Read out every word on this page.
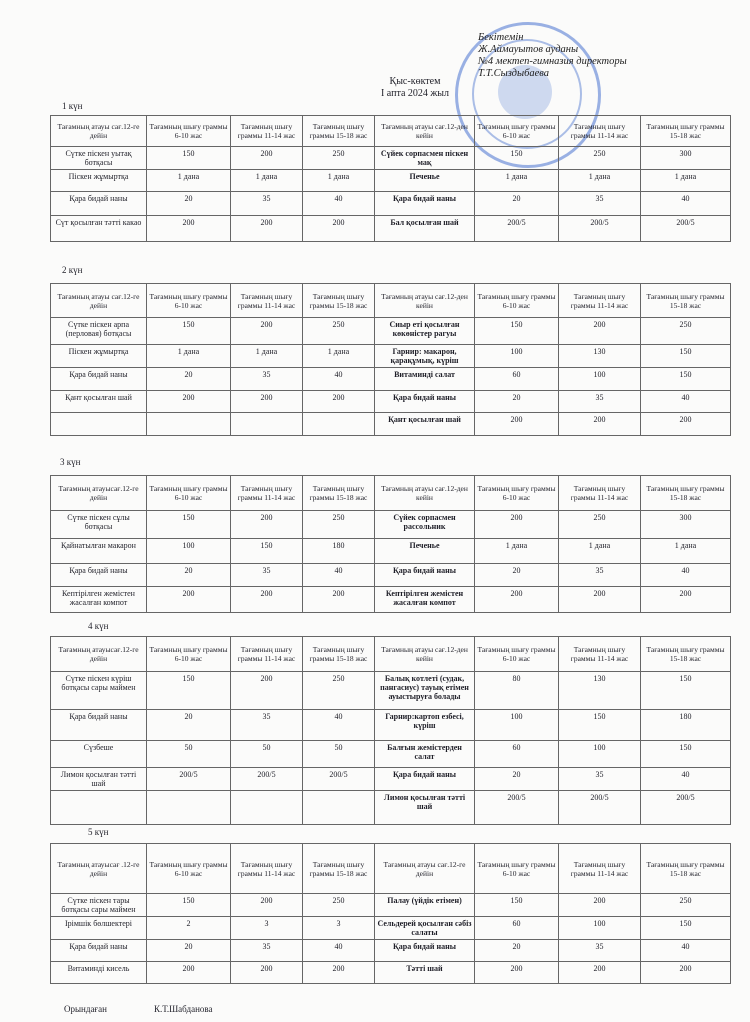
Бекітемін
Ж.Аймауытов ауданы
№4 мектеп-гимназия директоры
Т.Т.Сыздыбаева
Қыс-көктем
I апта 2024 жыл
1 күн
Тағамның атауы сағ.12-ге дейін	Тағамның шығу граммы 6-10 жас	Тағамның шығу граммы 11-14 жас	Тағамның шығу граммы 15-18 жас	Тағамның атауы сағ.12-ден кейін	Тағамның шығу граммы 6-10 жас	Тағамның шығу граммы 11-14 жас	Тағамның шығу граммы 15-18 жас
Сүтке піскен уытақ ботқасы	150	200	250	Сүйек сорпасмен піскен мақ	150	250	300
Піскен жұмыртқа	1 дана	1 дана	1 дана	Печенье	1 дана	1 дана	1 дана
Қара бидай наны	20	35	40	Қара бидай наны	20	35	40
Сүт қосылған тәтті какао	200	200	200	Бал қосылған шай	200/5	200/5	200/5
2 күн
Тағамның атауы сағ.12-ге дейін	Тағамның шығу граммы 6-10 жас	Тағамның шығу граммы 11-14 жас	Тағамның шығу граммы 15-18 жас	Тағамның атауы сағ.12-ден кейін	Тағамның шығу граммы 6-10 жас	Тағамның шығу граммы 11-14 жас	Тағамның шығу граммы 15-18 жас
Сүтке піскен арпа (перловая) ботқасы	150	200	250	Сиыр еті қосылған көкөністер рагуы	150	200	250
Піскен жұмыртқа	1 дана	1 дана	1 дана	Гарнир: макарон, қарақұмық, күріш	100	130	150
Қара бидай наны	20	35	40	Витаминді салат	60	100	150
Қант қосылған шай	200	200	200	Қара бидай наны	20	35	40
				Қант қосылған шай	200	200	200
3 күн
Тағамның атауысағ.12-ге дейін	Тағамның шығу граммы 6-10 жас	Тағамның шығу граммы 11-14 жас	Тағамның шығу граммы 15-18 жас	Тағамның атауы сағ.12-ден кейін	Тағамның шығу граммы 6-10 жас	Тағамның шығу граммы 11-14 жас	Тағамның шығу граммы 15-18 жас
Сүтке піскен сұлы ботқасы	150	200	250	Сүйек сорпасмен рассольник	200	250	300
Қайнатылған макарон	100	150	180	Печенье	1 дана	1 дана	1 дана
Қара бидай наны	20	35	40	Қара бидай наны	20	35	40
Кептірілген жемістен жасалған компот	200	200	200	Кептірілген жемістен жасалған компот	200	200	200
4 күн
Тағамның атауысағ.12-ге дейін	Тағамның шығу граммы 6-10 жас	Тағамның шығу граммы 11-14 жас	Тағамның шығу граммы 15-18 жас	Тағамның атауы сағ.12-ден кейін	Тағамның шығу граммы 6-10 жас	Тағамның шығу граммы 11-14 жас	Тағамның шығу граммы 15-18 жас
Сүтке піскен күріш ботқасы сары маймен	150	200	250	Балық котлеті (судак, пангасиус) тауық етімен ауыстыруға болады	80	130	150
Қара бидай наны	20	35	40	Гарнир:картоп езбесі, күріш	100	150	180
Сүзбеше	50	50	50	Балғын жемістерден салат	60	100	150
Лимон қосылған тәтті шай	200/5	200/5	200/5	Қара бидай наны	20	35	40
				Лимон қосылған тәтті шай	200/5	200/5	200/5
5 күн
Тағамның атауысағ .12-ге дейін	Тағамның шығу граммы 6-10 жас	Тағамның шығу граммы 11-14 жас	Тағамның шығу граммы 15-18 жас	Тағамның атауы сағ.12-ге дейін	Тағамның шығу граммы 6-10 жас	Тағамның шығу граммы 11-14 жас	Тағамның шығу граммы 15-18 жас
Сүтке піскен тары ботқасы сары маймен	150	200	250	Палау (үйдік етімен)	150	200	250
Ірімшік бөлшектері	2	3	3	Сельдерей қосылған сәбіз салаты	60	100	150
Қара бидай наны	20	35	40	Қара бидай наны	20	35	40
Витаминді кисель	200	200	200	Тәтті шай	200	200	200
Орындаған	К.Т.Шабданова
